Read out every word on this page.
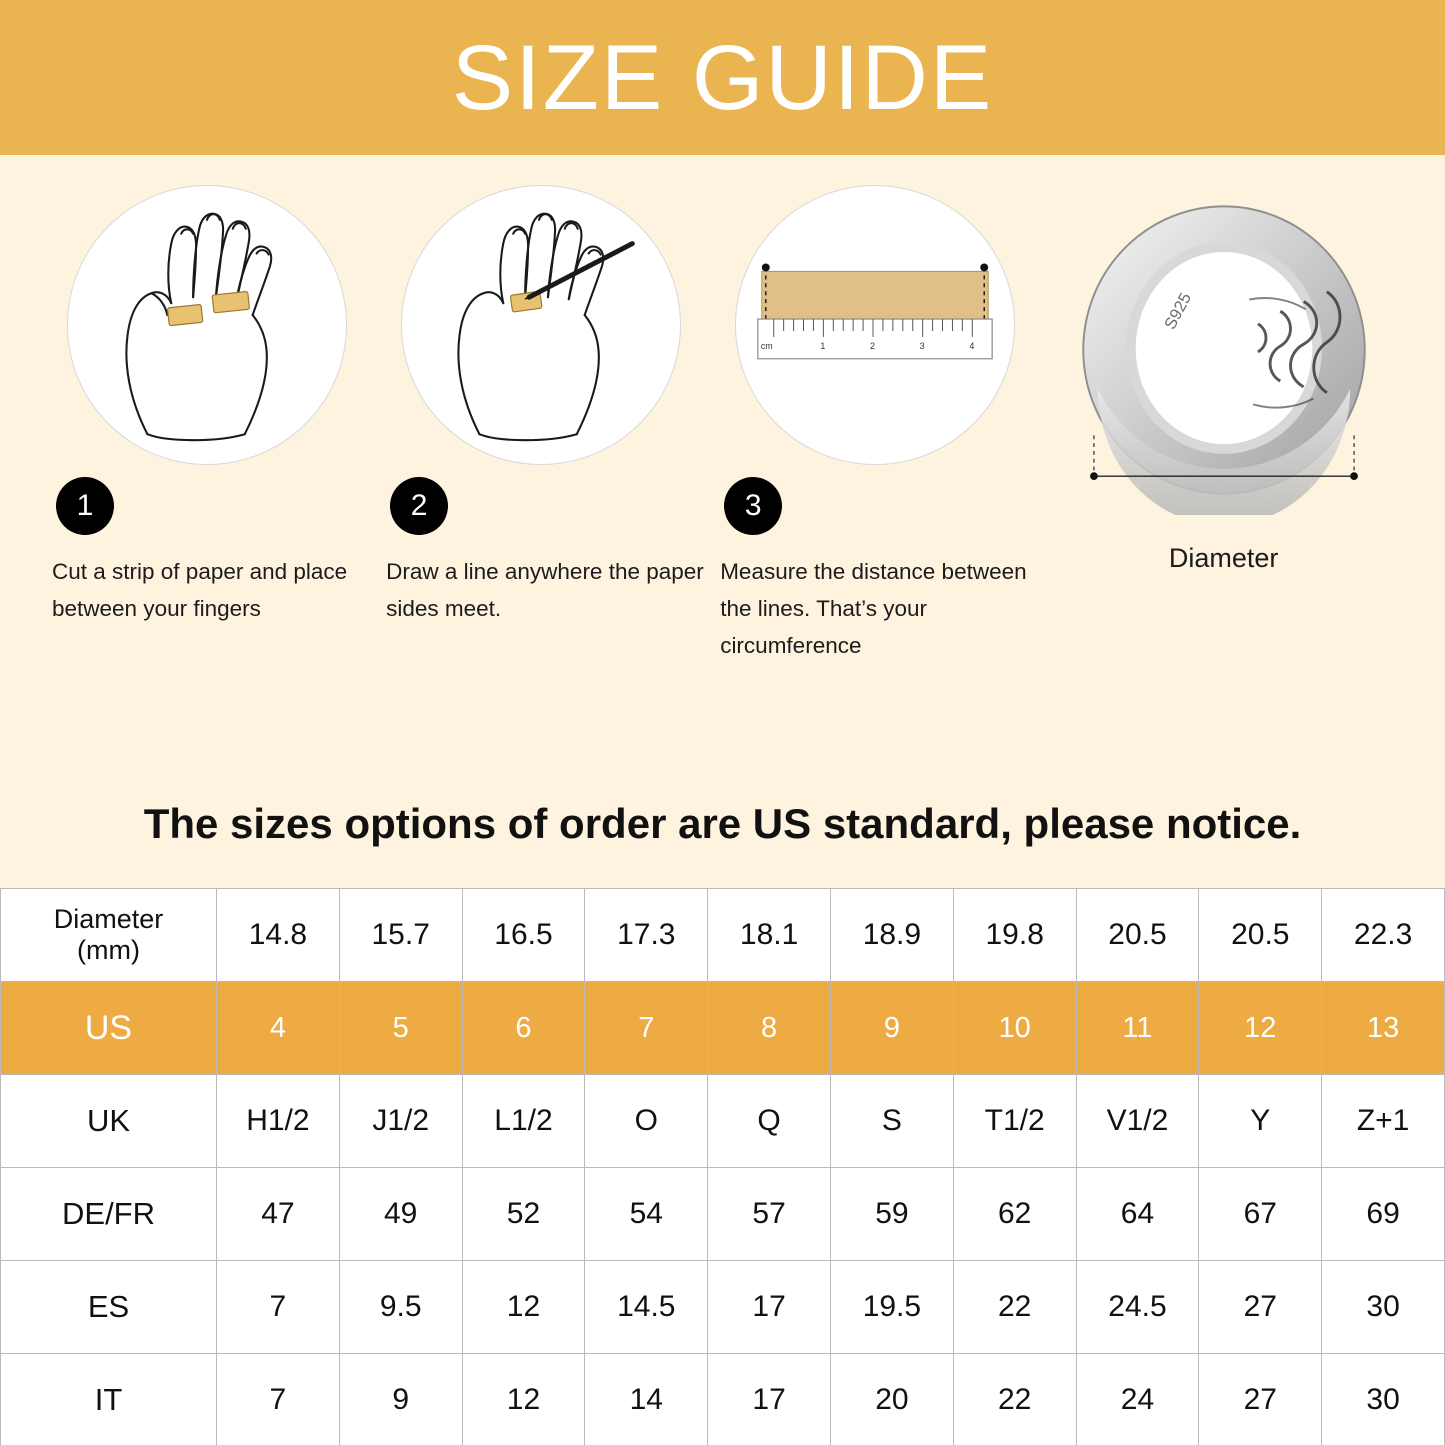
SIZE GUIDE
1
Cut a strip of paper and place between your fingers
2
Draw a line anywhere the paper sides meet.
cm	1	2	3	4
3
Measure the distance between the lines. That’s your circumference
S925
Diameter
The sizes options of order are US standard, please notice.
Diameter
(mm)	14.8	15.7	16.5	17.3	18.1	18.9	19.8	20.5	20.5	22.3
US	4	5	6	7	8	9	10	11	12	13
UK	H1/2	J1/2	L1/2	O	Q	S	T1/2	V1/2	Y	Z+1
DE/FR	47	49	52	54	57	59	62	64	67	69
ES	7	9.5	12	14.5	17	19.5	22	24.5	27	30
IT	7	9	12	14	17	20	22	24	27	30
